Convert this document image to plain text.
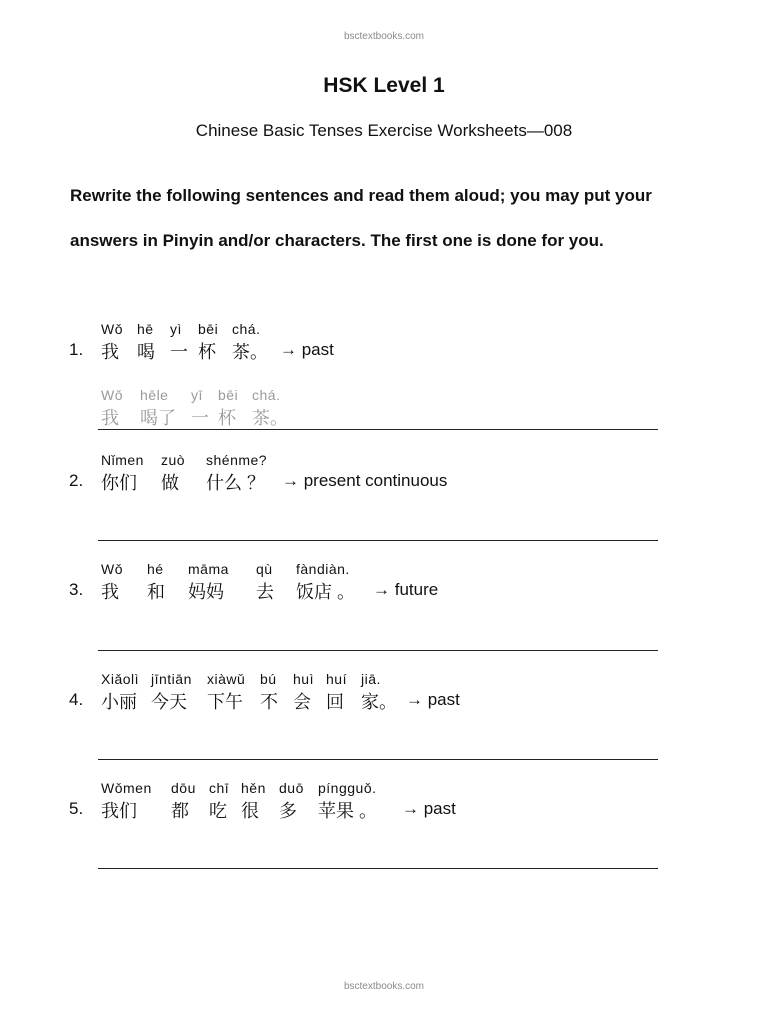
bsctextbooks.com
HSK Level 1
Chinese Basic Tenses Exercise Worksheets—008
Rewrite the following sentences and read them aloud; you may put your
answers in Pinyin and/or characters. The first one is done for you.
1.
Wǒ
我
hē
喝
yì
一
bēi
杯
chá.
茶。 → past
Wǒ
我
hēle
喝了
yī
一
bēi
杯
chá.
茶。
2.
Nǐmen
你们
zuò
做
shénme?
什么 ？ → present continuous
3.
Wǒ
我
hé
和
māma
妈妈
qù
去
fàndiàn.
饭店 。 → future
4.
Xiǎolì
小丽
jīntiān
今天
xiàwǔ
下午
bú
不
huì
会
huí
回
jiā.
家。 → past
5.
Wǒmen
我们
dōu
都
chī
吃
hěn
很
duō
多
píngguǒ.
苹果 。 → past
bsctextbooks.com
